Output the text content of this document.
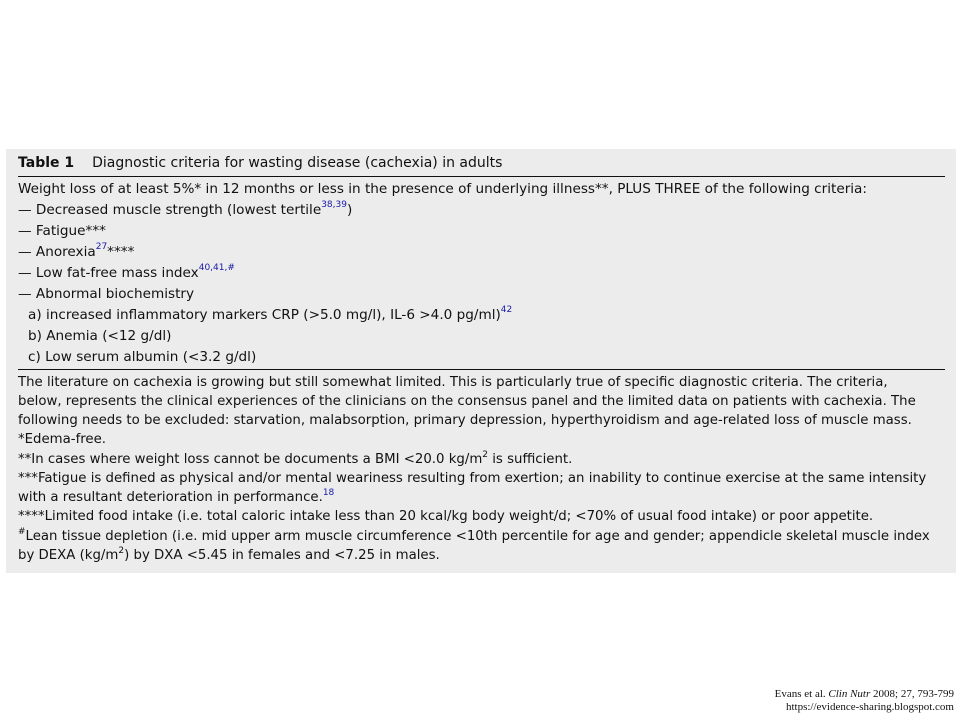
Table 1 Diagnostic criteria for wasting disease (cachexia) in adults
Weight loss of at least 5%* in 12 months or less in the presence of underlying illness**, PLUS THREE of the following criteria:
— Decreased muscle strength (lowest tertile$^{38,39}$)
— Fatigue***
— Anorexia$^{27}$****
— Low fat-free mass index$^{40,41,\#}$
— Abnormal biochemistry
a) increased inflammatory markers CRP (>5.0 mg/l), IL-6 >4.0 pg/ml)$^{42}$
b) Anemia (<12 g/dl)
c) Low serum albumin (<3.2 g/dl)
The literature on cachexia is growing but still somewhat limited. This is particularly true of specific diagnostic criteria. The criteria,
below, represents the clinical experiences of the clinicians on the consensus panel and the limited data on patients with cachexia. The
following needs to be excluded: starvation, malabsorption, primary depression, hyperthyroidism and age-related loss of muscle mass.
*Edema-free.
**In cases where weight loss cannot be documents a BMI <20.0 $kg/m^2$ is sufficient.
***Fatigue is defined as physical and/or mental weariness resulting from exertion; an inability to continue exercise at the same intensity
with a resultant deterioration in performance.$^{18}$
****Limited food intake (i.e. total caloric intake less than 20 kcal/kg body weight/d; <70% of usual food intake) or poor appetite.
#Lean tissue depletion (i.e. mid upper arm muscle circumference <10th percentile for age and gender; appendicle skeletal muscle index
by DEXA $(kg/m^2)$ by DXA <5.45 in females and <7.25 in males.
Evans et al. Clin Nutr 2008; 27, 793-799
https://evidence-sharing.blogspot.com
